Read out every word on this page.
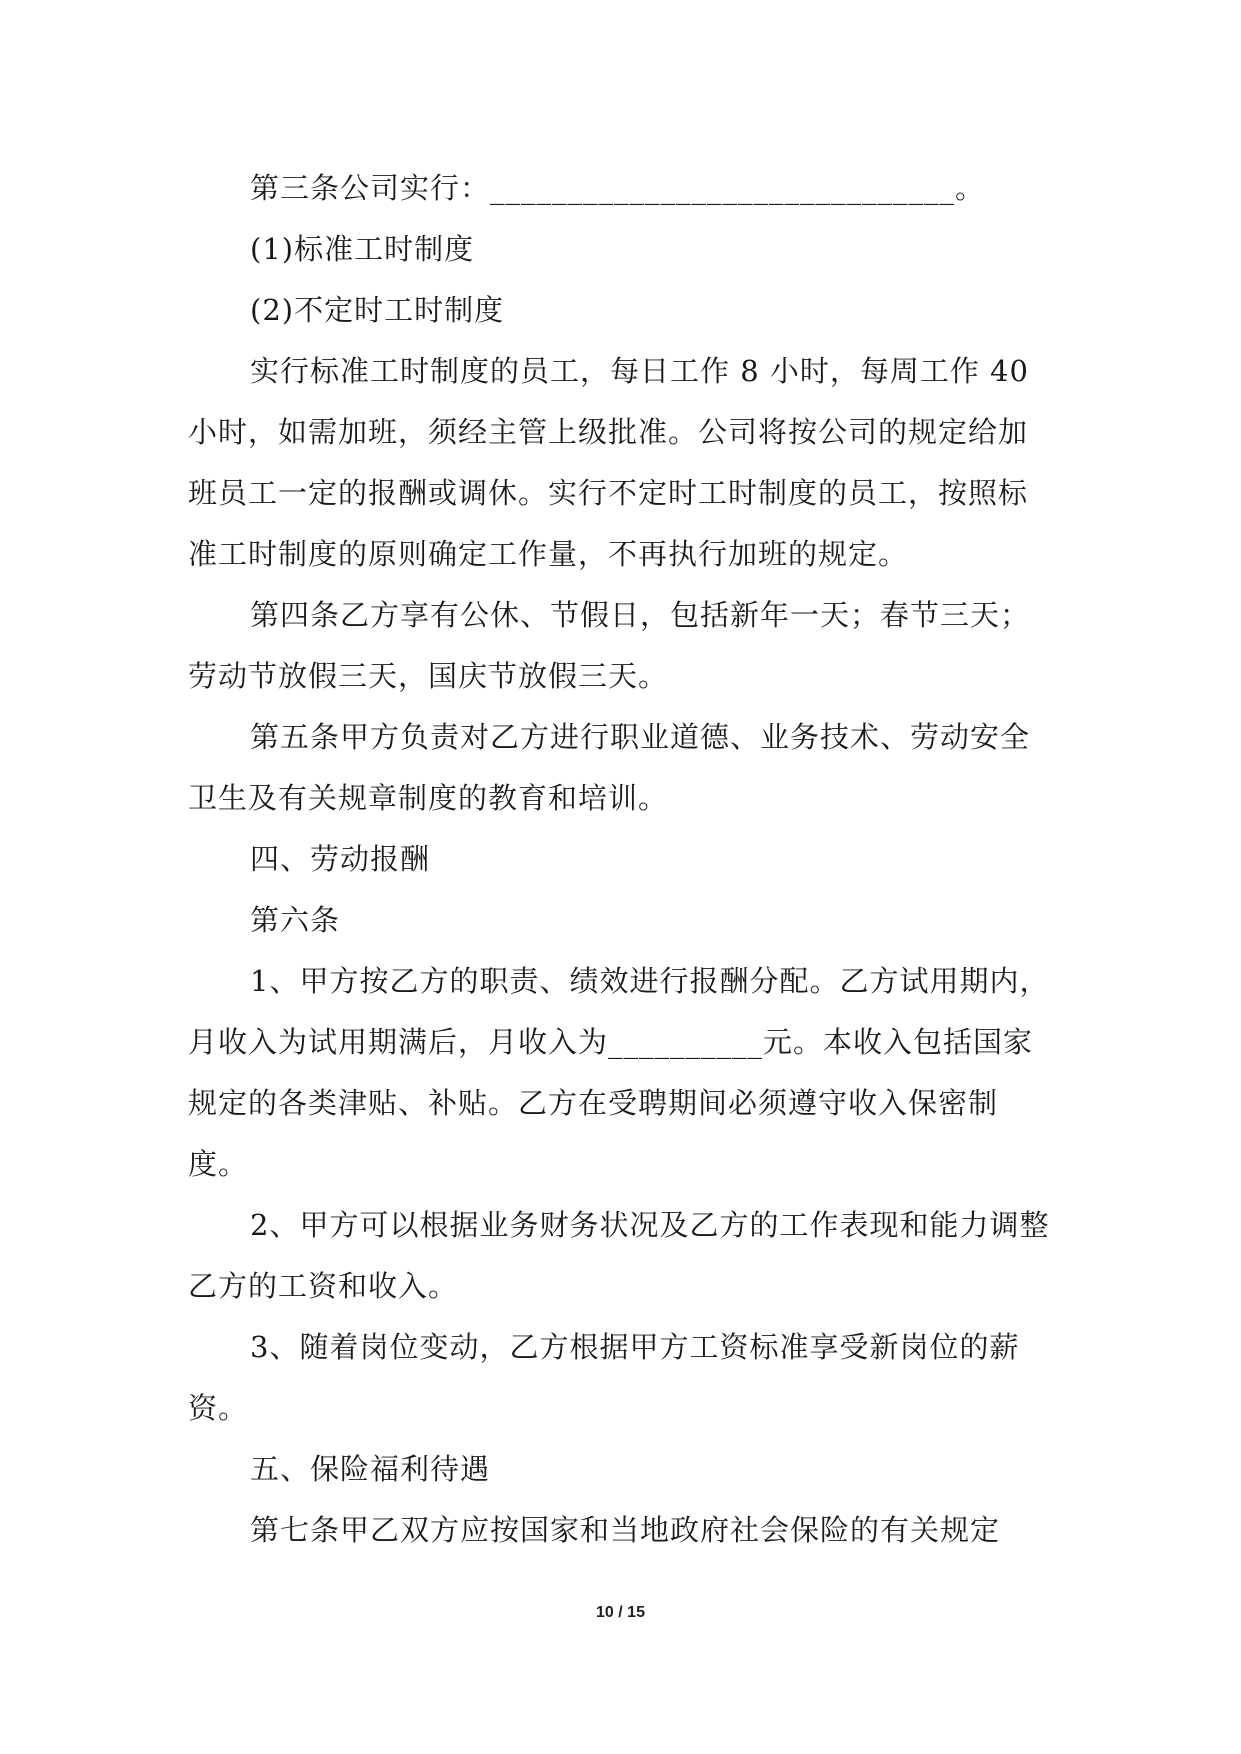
第三条公司实行：______________________________。

(1)标准工时制度

(2)不定时工时制度

实行标准工时制度的员工，每日工作 8 小时，每周工作 40 小时，如需加班，须经主管上级批准。公司将按公司的规定给加班员工一定的报酬或调休。实行不定时工时制度的员工，按照标准工时制度的原则确定工作量，不再执行加班的规定。

第四条乙方享有公休、节假日，包括新年一天；春节三天；劳动节放假三天，国庆节放假三天。

第五条甲方负责对乙方进行职业道德、业务技术、劳动安全卫生及有关规章制度的教育和培训。

四、劳动报酬

第六条

1、甲方按乙方的职责、绩效进行报酬分配。乙方试用期内，月收入为试用期满后，月收入为__________元。本收入包括国家规定的各类津贴、补贴。乙方在受聘期间必须遵守收入保密制度。

2、甲方可以根据业务财务状况及乙方的工作表现和能力调整乙方的工资和收入。

3、随着岗位变动，乙方根据甲方工资标准享受新岗位的薪资。

五、保险福利待遇

第七条甲乙双方应按国家和当地政府社会保险的有关规定

10 / 15
